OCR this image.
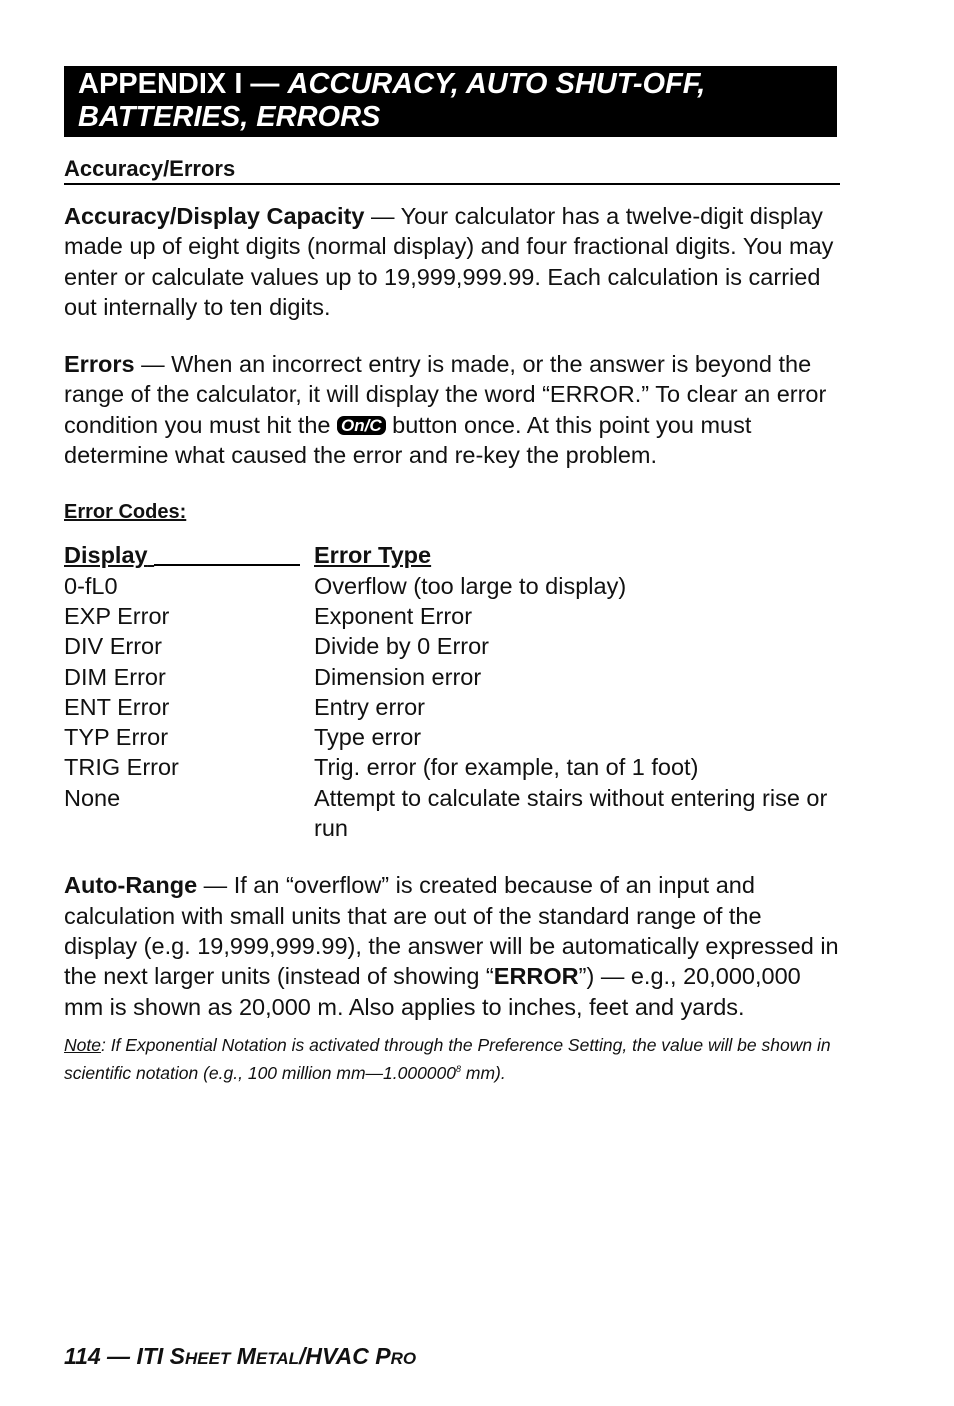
APPENDIX I — ACCURACY, AUTO SHUT-OFF,
BATTERIES, ERRORS
Accuracy/Errors

Accuracy/Display Capacity — Your calculator has a twelve-digit display made up of eight digits (normal display) and four fractional digits. You may enter or calculate values up to 19,999,999.99. Each calculation is carried out internally to ten digits.

Errors — When an incorrect entry is made, or the answer is beyond the range of the calculator, it will display the word “ERROR.” To clear an error condition you must hit the On/C button once. At this point you must determine what caused the error and re-key the problem.

Error Codes:
Display	Error Type
0-fL0	Overflow (too large to display)
EXP Error	Exponent Error
DIV Error	Divide by 0 Error
DIM Error	Dimension error
ENT Error	Entry error
TYP Error	Type error
TRIG Error	Trig. error (for example, tan of 1 foot)
None	Attempt to calculate stairs without entering rise or run

Auto-Range — If an “overflow” is created because of an input and calculation with small units that are out of the standard range of the display (e.g. 19,999,999.99), the answer will be automatically expressed in the next larger units (instead of showing “ERROR”) — e.g., 20,000,000 mm is shown as 20,000 m. Also applies to inches, feet and yards.

Note: If Exponential Notation is activated through the Preference Setting, the value will be shown in scientific notation (e.g., 100 million mm—1.000000$^8$ mm).
114 — ITI SHEET METAL/HVAC PRO
